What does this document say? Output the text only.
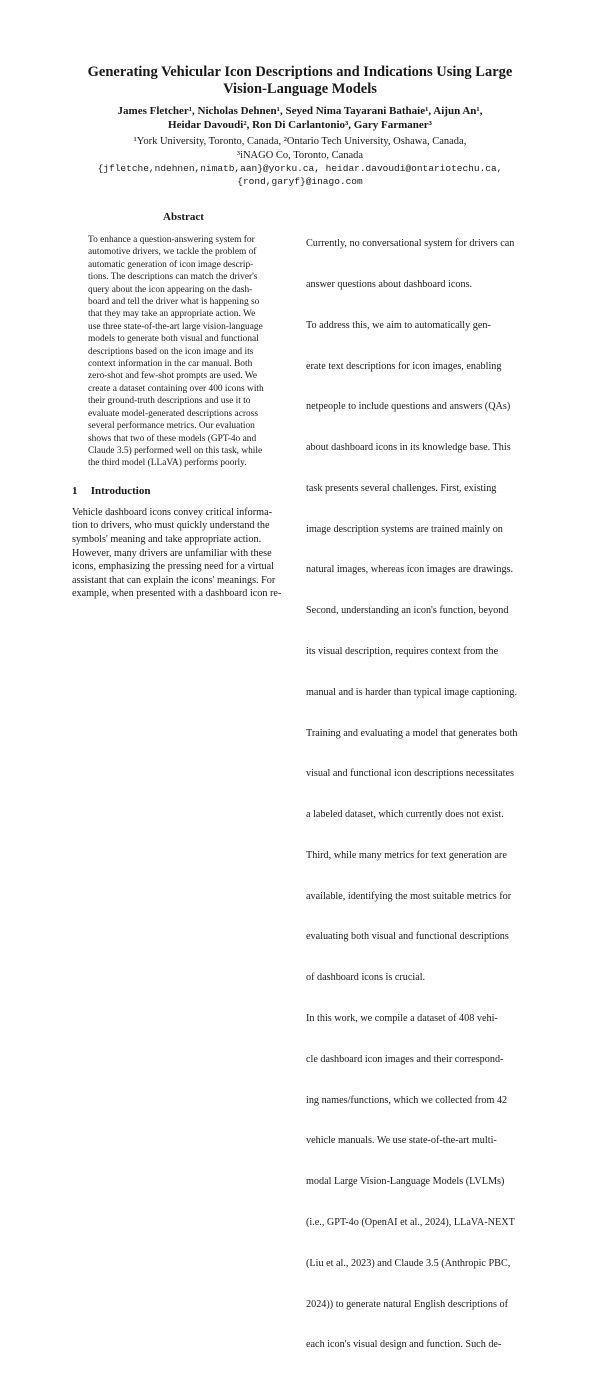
Generating Vehicular Icon Descriptions and Indications Using Large
Vision-Language Models
James Fletcher¹, Nicholas Dehnen¹, Seyed Nima Tayarani Bathaie¹, Aijun An¹,
Heidar Davoudi², Ron Di Carlantonio³, Gary Farmaner³
¹York University, Toronto, Canada, ²Ontario Tech University, Oshawa, Canada,
³iNAGO Co, Toronto, Canada
{jfletche,ndehnen,nimatb,aan}@yorku.ca, heidar.davoudi@ontariotechu.ca,
{rond,garyf}@inago.com
Abstract
To enhance a question-answering system for
automotive drivers, we tackle the problem of
automatic generation of icon image descrip-
tions. The descriptions can match the driver's
query about the icon appearing on the dash-
board and tell the driver what is happening so
that they may take an appropriate action. We
use three state-of-the-art large vision-language
models to generate both visual and functional
descriptions based on the icon image and its
context information in the car manual. Both
zero-shot and few-shot prompts are used. We
create a dataset containing over 400 icons with
their ground-truth descriptions and use it to
evaluate model-generated descriptions across
several performance metrics. Our evaluation
shows that two of these models (GPT-4o and
Claude 3.5) performed well on this task, while
the third model (LLaVA) performs poorly.
1 Introduction
Vehicle dashboard icons convey critical informa-
tion to drivers, who must quickly understand the
symbols' meaning and take appropriate action.
However, many drivers are unfamiliar with these
icons, emphasizing the pressing need for a virtual
assistant that can explain the icons' meanings. For
example, when presented with a dashboard icon re-

Currently, no conversational system for drivers can

answer questions about dashboard icons.

To address this, we aim to automatically gen-

erate text descriptions for icon images, enabling

netpeople to include questions and answers (QAs)

about dashboard icons in its knowledge base. This

task presents several challenges. First, existing

image description systems are trained mainly on

natural images, whereas icon images are drawings.

Second, understanding an icon's function, beyond

its visual description, requires context from the

manual and is harder than typical image captioning.

Training and evaluating a model that generates both

visual and functional icon descriptions necessitates

a labeled dataset, which currently does not exist.

Third, while many metrics for text generation are

available, identifying the most suitable metrics for

evaluating both visual and functional descriptions

of dashboard icons is crucial.

In this work, we compile a dataset of 408 vehi-

cle dashboard icon images and their correspond-

ing names/functions, which we collected from 42

vehicle manuals. We use state-of-the-art multi-

modal Large Vision-Language Models (LVLMs)

(i.e., GPT-4o (OpenAI et al., 2024), LLaVA-NEXT

(Liu et al., 2023) and Claude 3.5 (Anthropic PBC,

2024)) to generate natural English descriptions of

each icon's visual design and function. Such de-
